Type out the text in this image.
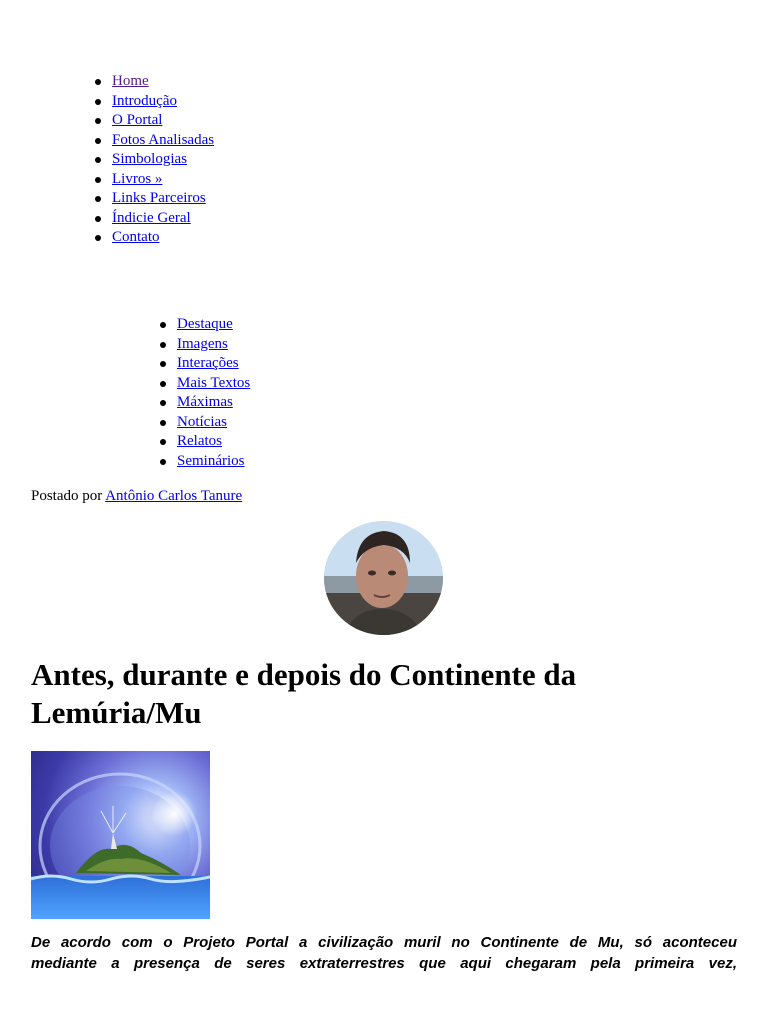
Home
Introdução
O Portal
Fotos Analisadas
Simbologias
Livros »
Links Parceiros
Índicie Geral
Contato
Destaque
Imagens
Interações
Mais Textos
Máximas
Notícias
Relatos
Seminários
Postado por Antônio Carlos Tanure
Antes, durante e depois do Continente da Lemúria/Mu

De acordo com o Projeto Portal a civilização muril no Continente de Mu, só aconteceu
mediante a presença de seres extraterrestres que aqui chegaram pela primeira vez,
